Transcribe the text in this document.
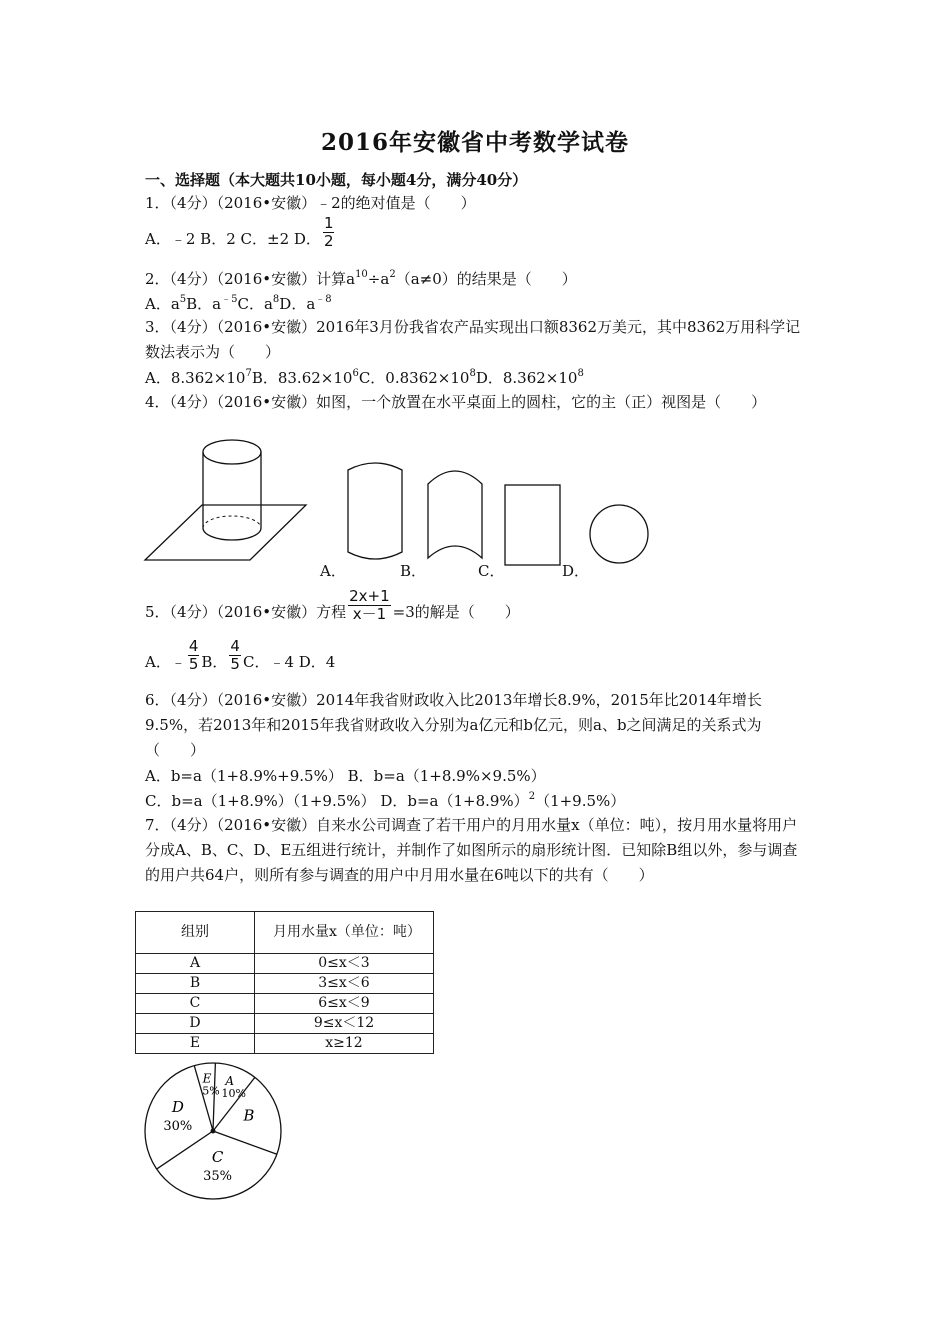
2016年安徽省中考数学试卷
一、选择题（本大题共10小题，每小题4分，满分40分）
1．（4分）（2016•安徽）﹣2的绝对值是（　　）
A．﹣2 B．2 C．±2 D． $\frac{1}{2}$
2．（4分）（2016•安徽）计算$a^{10}\div a^2(a\ne 0)$的结果是（　　）
A．$a^5B$．$a^{﹣5}C$．$a^8D$．$a^{﹣8}$
3．（4分）（2016•安徽）2016年3月份我省农产品实现出口额8362万美元，其中8362万用科学记数法表示为（　　）
A．$8.362\times 10^7B$．$83.62\times 10^6C$．$0.8362\times 10^8D$．$8.362\times 10^8$
4．（4分）（2016•安徽）如图，一个放置在水平桌面上的圆柱，它的主（正）视图是（　　）
A．	B．	C．	D．
5．（4分）（2016•安徽）方程 $\frac{2x+1}{x-1} =3$的解是（　　）
A．﹣ $\frac{4}{5}$ B． $\frac{4}{5}$ C．﹣4 D．4
6．（4分）（2016•安徽）2014年我省财政收入比2013年增长8.9%，2015年比2014年增长9.5%，若2013年和2015年我省财政收入分别为a亿元和b亿元，则a、b之间满足的关系式为（　　）
A．b=a（1+8.9%+9.5%） B．b=a（1+8.9%×9.5%）
C．b=a（1+8.9%）（1+9.5%） D．$b=a(1+8.9\%)^2(1+9.5\%)$
7．（4分）（2016•安徽）自来水公司调查了若干用户的月用水量x（单位：吨），按月用水量将用户分成A、B、C、D、E五组进行统计，并制作了如图所示的扇形统计图．已知除B组以外，参与调查的用户共64户，则所有参与调查的用户中月用水量在6吨以下的共有（　　）
组别	月用水量x（单位：吨）
A	0≤x＜3
B	3≤x＜6
C	6≤x＜9
D	9≤x＜12
E	x≥12
A
10%
B
C
35%
D
30%
E
5%
